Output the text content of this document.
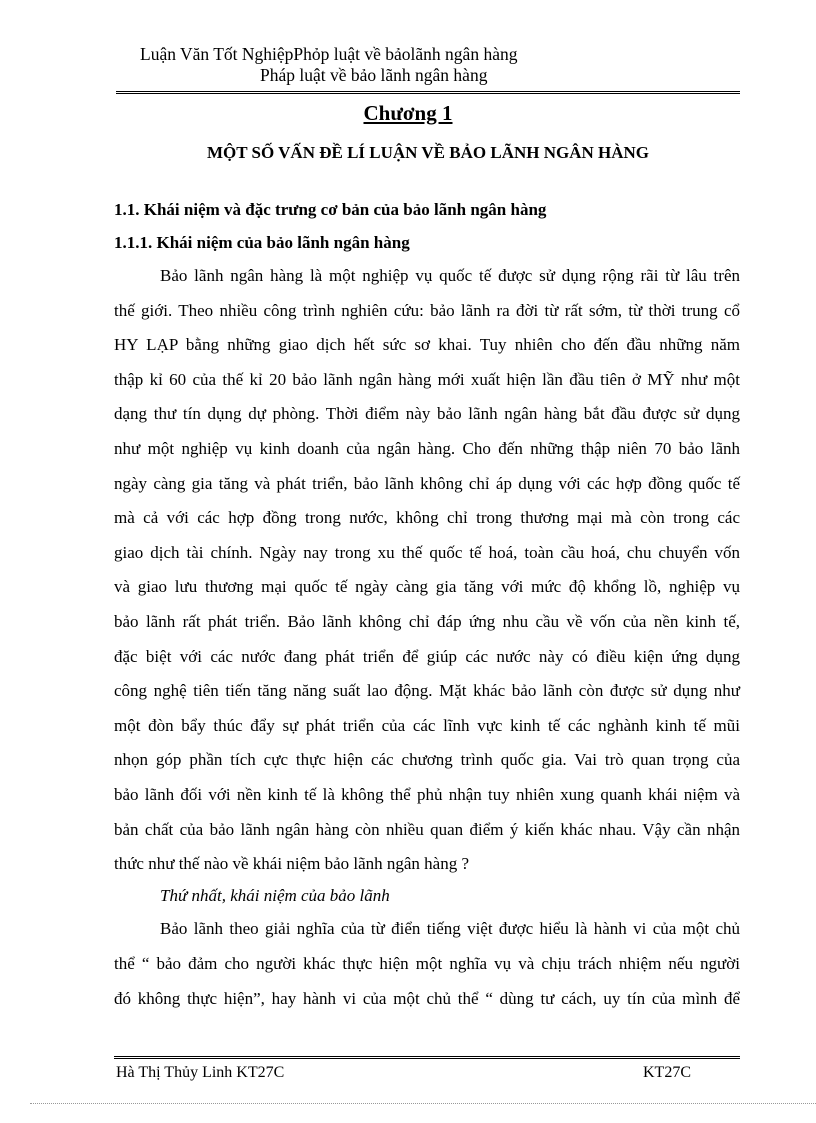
Luận Văn Tốt NghiệpPhỏp luật về bảolãnh ngân hàng
Pháp luật về bảo lãnh ngân hàng
Chương 1
MỘT SỐ VẤN ĐỀ LÍ LUẬN VỀ BẢO LÃNH NGÂN HÀNG
1.1. Khái niệm và đặc trưng cơ bản của bảo lãnh ngân hàng
1.1.1. Khái niệm của bảo lãnh ngân hàng
Bảo lãnh ngân hàng là một nghiệp vụ quốc tế được sử dụng rộng rãi từ lâu trên
thế giới. Theo nhiều công trình nghiên cứu: bảo lãnh ra đời từ rất sớm, từ thời trung cổ
HY LẠP bằng những giao dịch hết sức sơ khai. Tuy nhiên cho đến đầu những năm
thập kỉ 60 của thế kỉ 20 bảo lãnh ngân hàng mới xuất hiện lần đầu tiên ở MỸ như một
dạng thư tín dụng dự phòng. Thời điểm này bảo lãnh ngân hàng bắt đầu được sử dụng
như một nghiệp vụ kinh doanh của ngân hàng. Cho đến những thập niên 70 bảo lãnh
ngày càng gia tăng và phát triển, bảo lãnh không chỉ áp dụng với các hợp đồng quốc tế
mà cả với các hợp đồng trong nước, không chỉ trong thương mại mà còn trong các
giao dịch tài chính. Ngày nay trong xu thế quốc tế hoá, toàn cầu hoá, chu chuyển vốn
và giao lưu thương mại quốc tế ngày càng gia tăng với mức độ khổng lồ, nghiệp vụ
bảo lãnh rất phát triển. Bảo lãnh không chỉ đáp ứng nhu cầu về vốn của nền kinh tế,
đặc biệt với các nước đang phát triển để giúp các nước này có điều kiện ứng dụng
công nghệ tiên tiến tăng năng suất lao động. Mặt khác bảo lãnh còn được sử dụng như
một đòn bẩy thúc đẩy sự phát triển của các lĩnh vực kinh tế các nghành kinh tế mũi
nhọn góp phần tích cực thực hiện các chương trình quốc gia. Vai trò quan trọng của
bảo lãnh đối với nền kinh tế là không thể phủ nhận tuy nhiên xung quanh khái niệm và
bản chất của bảo lãnh ngân hàng còn nhiều quan điểm ý kiến khác nhau. Vậy cần nhận
thức như thế nào về khái niệm bảo lãnh ngân hàng ?
Thứ nhất, khái niệm của bảo lãnh
Bảo lãnh theo giải nghĩa của từ điển tiếng việt được hiểu là hành vi của một chủ
thể “ bảo đảm cho người khác thực hiện một nghĩa vụ và chịu trách nhiệm nếu người
đó không thực hiện”, hay hành vi của một chủ thể “ dùng tư cách, uy tín của mình để
Hà Thị Thủy Linh KT27C	KT27C
